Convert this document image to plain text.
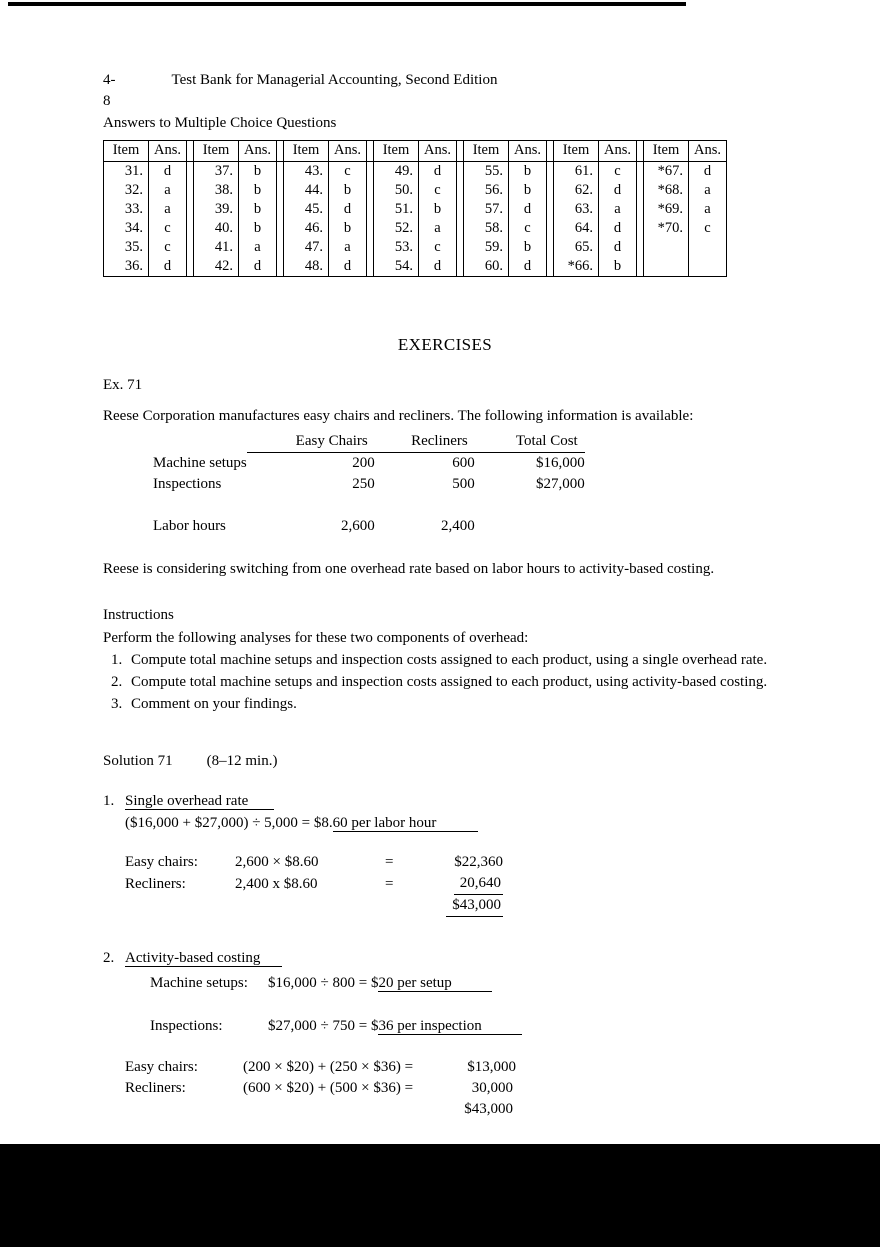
4-	Test Bank for Managerial Accounting, Second Edition
8
Answers to Multiple Choice Questions
Item	Ans.		Item	Ans.		Item	Ans.		Item	Ans.		Item	Ans.		Item	Ans.		Item	Ans.
31.	d		37.	b		43.	c		49.	d		55.	b		61.	c		*67.	d
32.	a		38.	b		44.	b		50.	c		56.	b		62.	d		*68.	a
33.	a		39.	b		45.	d		51.	b		57.	d		63.	a		*69.	a
34.	c		40.	b		46.	b		52.	a		58.	c		64.	d		*70.	c
35.	c		41.	a		47.	a		53.	c		59.	b		65.	d			
36.	d		42.	d		48.	d		54.	d		60.	d		*66.	b			
EXERCISES
Ex. 71
Reese Corporation manufactures easy chairs and recliners. The following information is available:
	Easy Chairs	Recliners	Total Cost
Machine setups	200	600	$16,000
Inspections	250	500	$27,000

Labor hours	2,600	2,400	
Reese is considering switching from one overhead rate based on labor hours to activity-based costing.
Instructions
Perform the following analyses for these two components of overhead:
1. Compute total machine setups and inspection costs assigned to each product, using a single overhead rate.
2. Compute total machine setups and inspection costs assigned to each product, using activity-based costing.
3. Comment on your findings.
Solution 71 (8–12 min.)
1. Single overhead rate
($16,000 + $27,000) ÷ 5,000 = $8.60 per labor hour
Easy chairs:	2,600 × $8.60	=	$22,360
Recliners:	2,400 x $8.60	=	20,640
			$43,000
2. Activity-based costing
Machine setups: $16,000 ÷ 800 = $20 per setup
Inspections:	$27,000 ÷ 750 = $36 per inspection
Easy chairs:	(200 × $20) + (250 × $36) =	$13,000
Recliners:	(600 × $20) + (500 × $36) =	30,000
		$43,000
